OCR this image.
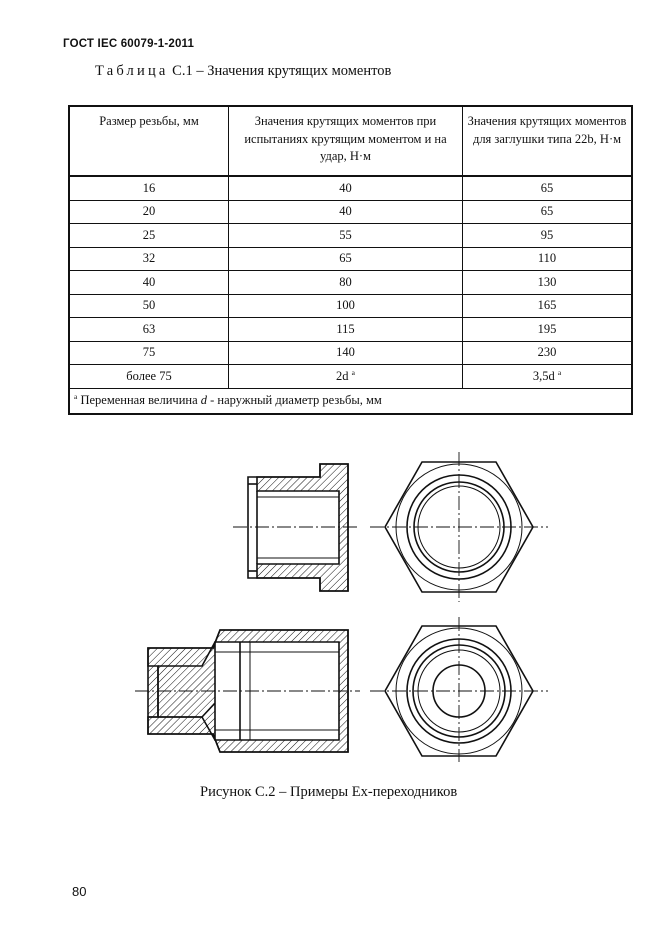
ГОСТ IEC 60079-1-2011
Таблица C.1 – Значения крутящих моментов
Размер резьбы, мм	Значения крутящих моментов при испытаниях крутящим моментом и на удар, Н·м	Значения крутящих моментов для заглушки типа 22b, Н·м
16	40	65
20	40	65
25	55	95
32	65	110
40	80	130
50	100	165
63	115	195
75	140	230
более 75	2d $^a$	3,5d $^a$
$^a$ Переменная величина d - наружный диаметр резьбы, мм		
Рисунок C.2 – Примеры Ex-переходников
80
